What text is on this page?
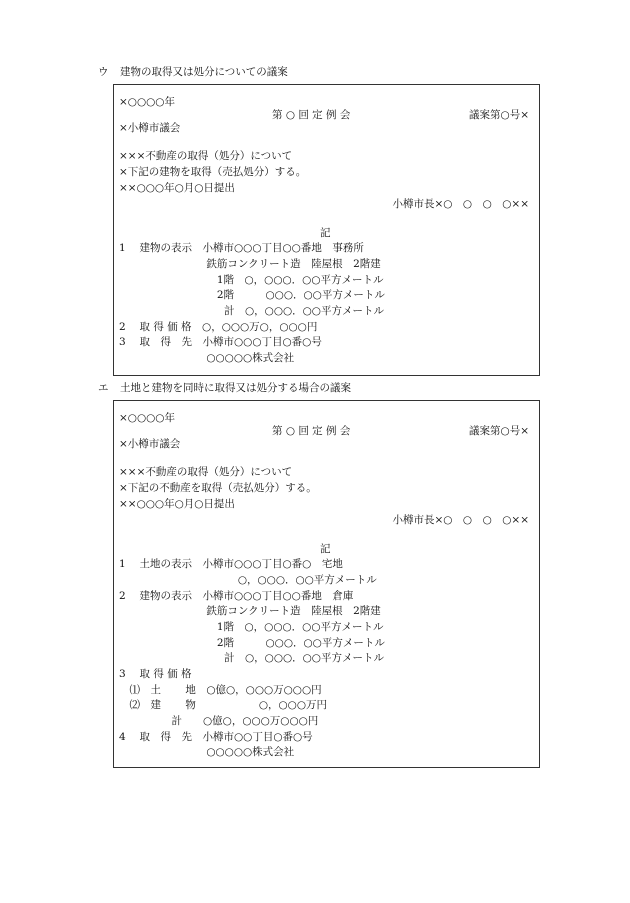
ウ 建物の取得又は処分についての議案
×○○○○年
第 ○ 回 定 例 会	議案第○号×
×小樽市議会
×××不動産の取得（処分）について
×下記の建物を取得（売払処分）する。
××○○○年○月○日提出
小樽市長×○　○　○　○××
記
1　 建物の表示　小樽市○○○丁目○○番地　事務所
　　　　　　　　 鉄筋コンクリート造　陸屋根　2階建
　　　　　　　　　 1階　○，○○○．○○平方メートル
　　　　　　　　　 2階　　　○○○．○○平方メートル
　　　　　　　　　　計　○，○○○．○○平方メートル
2　 取 得 価 格　○，○○○万○，○○○円
3　 取　得　先　小樽市○○○丁目○番○号
　　　　　　　　 ○○○○○株式会社
エ 土地と建物を同時に取得又は処分する場合の議案
×○○○○年
第 ○ 回 定 例 会	議案第○号×
×小樽市議会
×××不動産の取得（処分）について
×下記の不動産を取得（売払処分）する。
××○○○年○月○日提出
小樽市長×○　○　○　○××
記
1　 土地の表示　小樽市○○○丁目○番○　宅地
　　　　　　　　　　　 ○，○○○．○○平方メートル
2　 建物の表示　小樽市○○○丁目○○番地　倉庫
　　　　　　　　 鉄筋コンクリート造　陸屋根　2階建
　　　　　　　　　 1階　○，○○○．○○平方メートル
　　　　　　　　　 2階　　　○○○．○○平方メートル
　　　　　　　　　　計　○，○○○．○○平方メートル
3　 取 得 価 格
　⑴　土　　 地　○億○，○○○万○○○円
　⑵　建　　 物　　　　　　○，○○○万円
　　　　　計　　○億○，○○○万○○○円
4　 取　得　先　小樽市○○丁目○番○号
　　　　　　　　 ○○○○○株式会社
